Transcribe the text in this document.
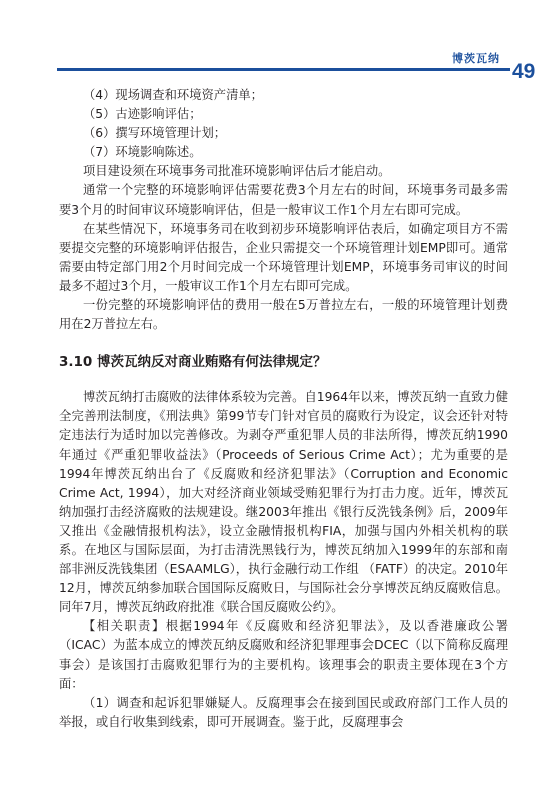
博茨瓦纳
49

（4）现场调查和环境资产清单；

（5）古迹影响评估；

（6）撰写环境管理计划；

（7）环境影响陈述。

项目建设须在环境事务司批准环境影响评估后才能启动。

通常一个完整的环境影响评估需要花费3个月左右的时间，环境事务司最多需要3个月的时间审议环境影响评估，但是一般审议工作1个月左右即可完成。

在某些情况下，环境事务司在收到初步环境影响评估表后，如确定项目方不需要提交完整的环境影响评估报告，企业只需提交一个环境管理计划EMP即可。通常需要由特定部门用2个月时间完成一个环境管理计划EMP，环境事务司审议的时间最多不超过3个月，一般审议工作1个月左右即可完成。

一份完整的环境影响评估的费用一般在5万普拉左右，一般的环境管理计划费用在2万普拉左右。

3.10 博茨瓦纳反对商业贿赂有何法律规定？

博茨瓦纳打击腐败的法律体系较为完善。自1964年以来，博茨瓦纳一直致力健全完善刑法制度，《刑法典》第99节专门针对官员的腐败行为设定，议会还针对特定违法行为适时加以完善修改。为剥夺严重犯罪人员的非法所得，博茨瓦纳1990年通过《严重犯罪收益法》（Proceeds of Serious Crime Act）；尤为重要的是1994年博茨瓦纳出台了《反腐败和经济犯罪法》（Corruption and Economic Crime Act, 1994），加大对经济商业领域受贿犯罪行为打击力度。近年，博茨瓦纳加强打击经济腐败的法规建设。继2003年推出《银行反洗钱条例》后，2009年又推出《金融情报机构法》，设立金融情报机构FIA，加强与国内外相关机构的联系。在地区与国际层面，为打击清洗黑钱行为，博茨瓦纳加入1999年的东部和南部非洲反洗钱集团（ESAAMLG），执行金融行动工作组 （FATF）的决定。2010年12月，博茨瓦纳参加联合国国际反腐败日，与国际社会分享博茨瓦纳反腐败信息。同年7月，博茨瓦纳政府批准《联合国反腐败公约》。

【相关职责】根据1994年《反腐败和经济犯罪法》，及以香港廉政公署（ICAC）为蓝本成立的博茨瓦纳反腐败和经济犯罪理事会DCEC（以下简称反腐理事会）是该国打击腐败犯罪行为的主要机构。该理事会的职责主要体现在3个方面：

（1）调查和起诉犯罪嫌疑人。反腐理事会在接到国民或政府部门工作人员的举报，或自行收集到线索，即可开展调查。鉴于此，反腐理事会
